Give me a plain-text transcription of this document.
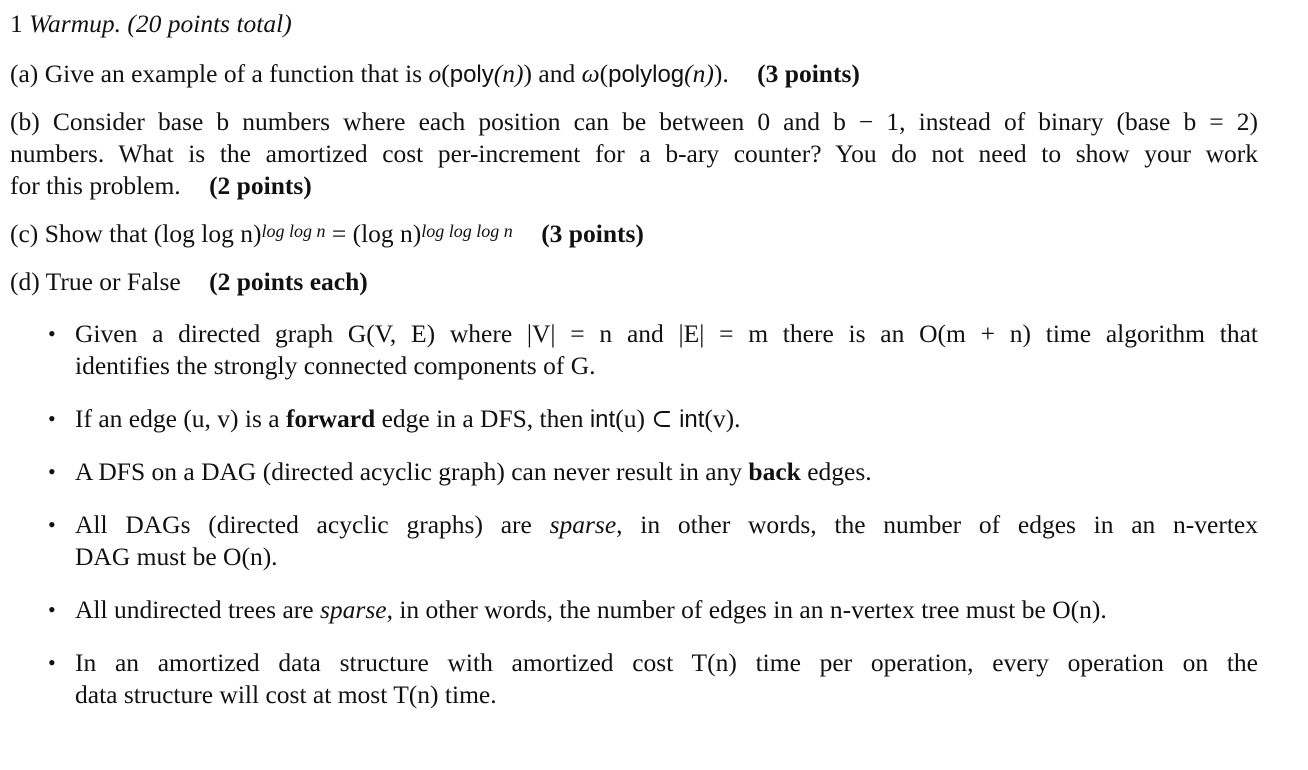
1 Warmup. (20 points total)
(a) Give an example of a function that is o(poly(n)) and ω(polylog(n)). (3 points)
(b) Consider base b numbers where each position can be between 0 and b − 1, instead of binary (base b = 2)
numbers. What is the amortized cost per-increment for a b-ary counter? You do not need to show your work
for this problem. (2 points)
(c) Show that (log log n)$^{log log n}$ = (log n)$^{log log log n}$ (3 points)
(d) True or False (2 points each)
• Given a directed graph G(V, E) where |V| = n and |E| = m there is an O(m + n) time algorithm that
identifies the strongly connected components of G.
• If an edge (u, v) is a forward edge in a DFS, then int(u) ⊂ int(v).
• A DFS on a DAG (directed acyclic graph) can never result in any back edges.
• All DAGs (directed acyclic graphs) are sparse, in other words, the number of edges in an n-vertex
DAG must be O(n).
• All undirected trees are sparse, in other words, the number of edges in an n-vertex tree must be O(n).
• In an amortized data structure with amortized cost T(n) time per operation, every operation on the
data structure will cost at most T(n) time.
